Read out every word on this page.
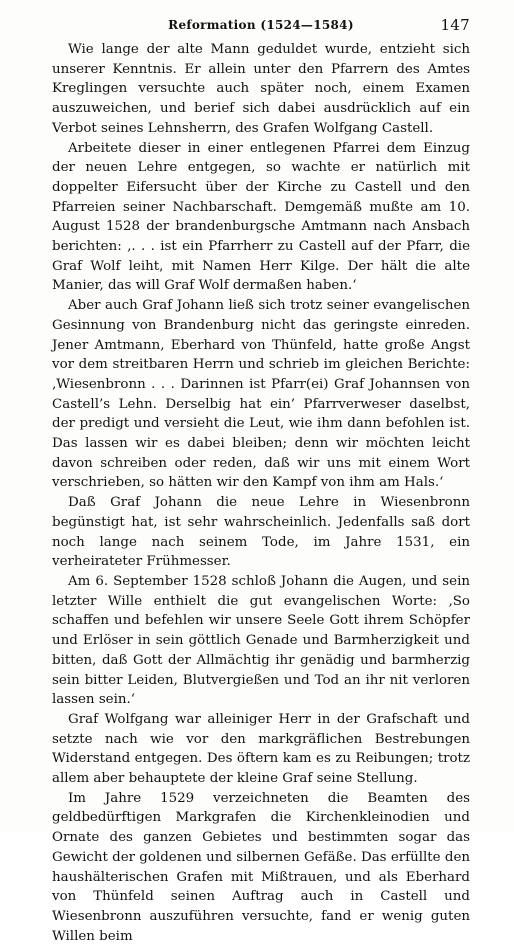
Reformation (1524—1584)	147

Wie lange der alte Mann geduldet wurde, entzieht sich unserer Kenntnis. Er allein unter den Pfarrern des Amtes Kreglingen versuchte auch später noch, einem Examen auszuweichen, und berief sich dabei ausdrücklich auf ein Verbot seines Lehnsherrn, des Grafen Wolfgang Castell.

Arbeitete dieser in einer entlegenen Pfarrei dem Einzug der neuen Lehre entgegen, so wachte er natürlich mit doppelter Eifersucht über der Kirche zu Castell und den Pfarreien seiner Nachbarschaft. Demgemäß mußte am 10. August 1528 der brandenburgsche Amtmann nach Ansbach berichten: ‚. . . ist ein Pfarrherr zu Castell auf der Pfarr, die Graf Wolf leiht, mit Namen Herr Kilge. Der hält die alte Manier, das will Graf Wolf dermaßen haben.‘

Aber auch Graf Johann ließ sich trotz seiner evangelischen Gesinnung von Brandenburg nicht das geringste einreden. Jener Amtmann, Eberhard von Thünfeld, hatte große Angst vor dem streitbaren Herrn und schrieb im gleichen Berichte: ‚Wiesenbronn . . . Darinnen ist Pfarr(ei) Graf Johannsen von Castell’s Lehn. Derselbig hat ein’ Pfarrverweser daselbst, der predigt und versieht die Leut, wie ihm dann befohlen ist. Das lassen wir es dabei bleiben; denn wir möchten leicht davon schreiben oder reden, daß wir uns mit einem Wort verschrieben, so hätten wir den Kampf von ihm am Hals.‘

Daß Graf Johann die neue Lehre in Wiesenbronn begünstigt hat, ist sehr wahrscheinlich. Jedenfalls saß dort noch lange nach seinem Tode, im Jahre 1531, ein verheirateter Frühmesser.

Am 6. September 1528 schloß Johann die Augen, und sein letzter Wille enthielt die gut evangelischen Worte: ‚So schaffen und befehlen wir unsere Seele Gott ihrem Schöpfer und Erlöser in sein göttlich Genade und Barmherzigkeit und bitten, daß Gott der Allmächtig ihr genädig und barmherzig sein bitter Leiden, Blutvergießen und Tod an ihr nit verloren lassen sein.‘

Graf Wolfgang war alleiniger Herr in der Grafschaft und setzte nach wie vor den markgräflichen Bestrebungen Widerstand entgegen. Des öftern kam es zu Reibungen; trotz allem aber behauptete der kleine Graf seine Stellung.

Im Jahre 1529 verzeichneten die Beamten des geldbedürftigen Markgrafen die Kirchenkleinodien und Ornate des ganzen Gebietes und bestimmten sogar das Gewicht der goldenen und silbernen Gefäße. Das erfüllte den haushälterischen Grafen mit Mißtrauen, und als Eberhard von Thünfeld seinen Auftrag auch in Castell und Wiesenbronn auszuführen versuchte, fand er wenig guten Willen beim
